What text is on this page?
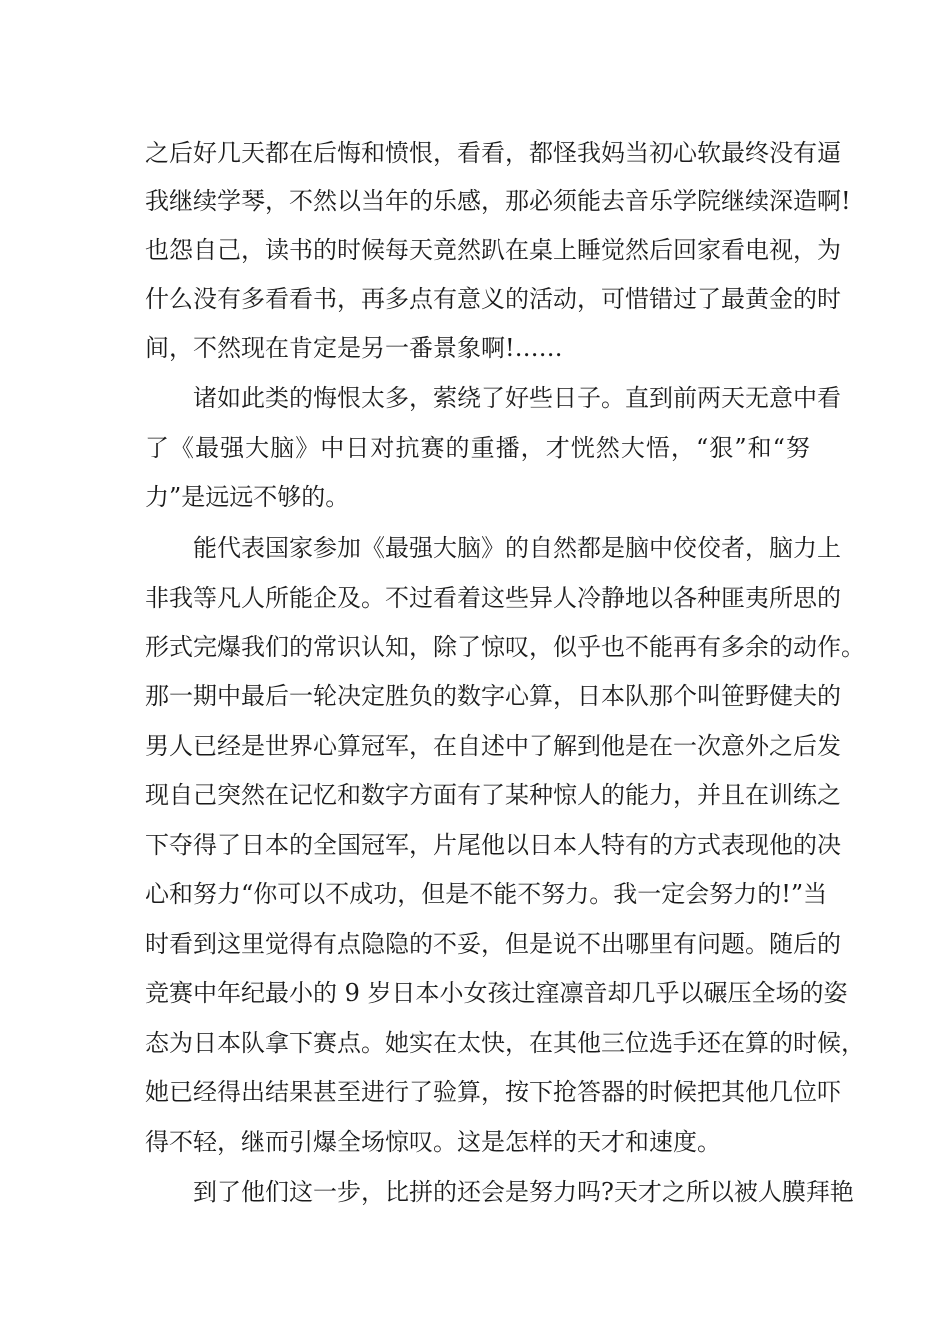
之后好几天都在后悔和愤恨，看看，都怪我妈当初心软最终没有逼
我继续学琴，不然以当年的乐感，那必须能去音乐学院继续深造啊!
也怨自己，读书的时候每天竟然趴在桌上睡觉然后回家看电视，为
什么没有多看看书，再多点有意义的活动，可惜错过了最黄金的时
间，不然现在肯定是另一番景象啊!……
诸如此类的悔恨太多，萦绕了好些日子。直到前两天无意中看
了《最强大脑》中日对抗赛的重播，才恍然大悟，“狠”和“努
力”是远远不够的。
能代表国家参加《最强大脑》的自然都是脑中佼佼者，脑力上
非我等凡人所能企及。不过看着这些异人冷静地以各种匪夷所思的
形式完爆我们的常识认知，除了惊叹，似乎也不能再有多余的动作。
那一期中最后一轮决定胜负的数字心算，日本队那个叫笹野健夫的
男人已经是世界心算冠军，在自述中了解到他是在一次意外之后发
现自己突然在记忆和数字方面有了某种惊人的能力，并且在训练之
下夺得了日本的全国冠军，片尾他以日本人特有的方式表现他的决
心和努力“你可以不成功，但是不能不努力。我一定会努力的!”当
时看到这里觉得有点隐隐的不妥，但是说不出哪里有问题。随后的
竞赛中年纪最小的 9 岁日本小女孩辻窪凛音却几乎以碾压全场的姿
态为日本队拿下赛点。她实在太快，在其他三位选手还在算的时候，
她已经得出结果甚至进行了验算，按下抢答器的时候把其他几位吓
得不轻，继而引爆全场惊叹。这是怎样的天才和速度。
到了他们这一步，比拼的还会是努力吗?天才之所以被人膜拜艳
